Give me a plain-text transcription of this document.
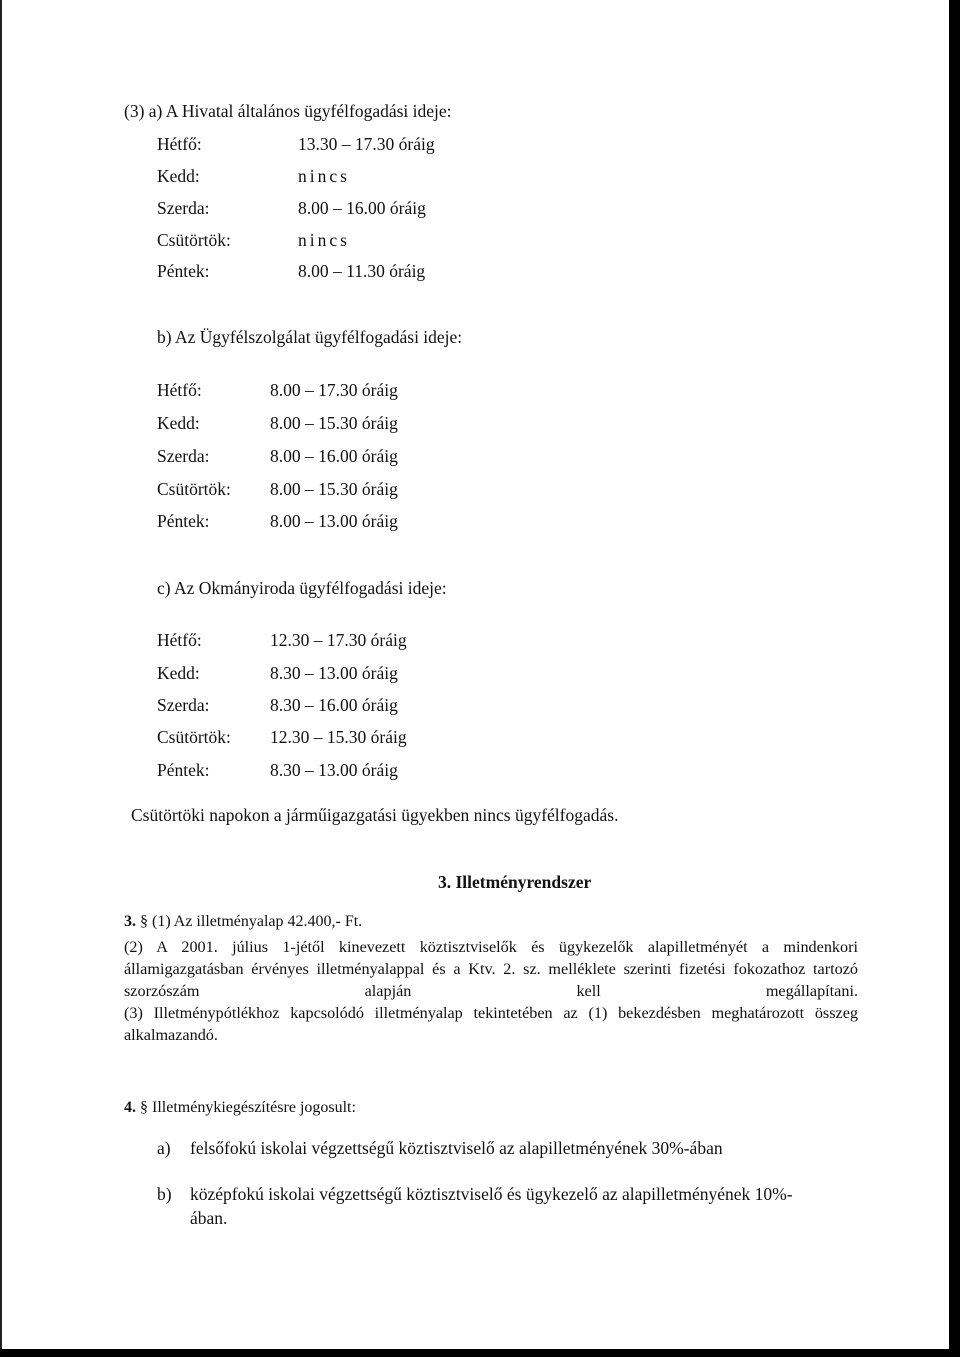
(3) a) A Hivatal általános ügyfélfogadási ideje:
Hétfő:	13.30 – 17.30 óráig
Kedd:	nincs
Szerda:	8.00 – 16.00 óráig
Csütörtök:	nincs
Péntek:	8.00 – 11.30 óráig
b) Az Ügyfélszolgálat ügyfélfogadási ideje:
Hétfő:	8.00 – 17.30 óráig
Kedd:	8.00 – 15.30 óráig
Szerda:	8.00 – 16.00 óráig
Csütörtök: 8.00 – 15.30 óráig
Péntek:	8.00 – 13.00 óráig
c) Az Okmányiroda ügyfélfogadási ideje:
Hétfő:	12.30 – 17.30 óráig
Kedd:	8.30 – 13.00 óráig
Szerda:	8.30 – 16.00 óráig
Csütörtök: 12.30 – 15.30 óráig
Péntek:	8.30 – 13.00 óráig
Csütörtöki napokon a járműigazgatási ügyekben nincs ügyfélfogadás.
3. Illetményrendszer
3. § (1) Az illetményalap 42.400,- Ft.

(2) A 2001. július 1-jétől kinevezett köztisztviselők és ügykezelők alapilletményét a mindenkori államigazgatásban érvényes illetményalappal és a Ktv. 2. sz. melléklete szerinti fizetési fokozathoz tartozó szorzószám alapján kell megállapítani.

(3) Illetménypótlékhoz kapcsolódó illetményalap tekintetében az (1) bekezdésben meghatározott összeg alkalmazandó.

4. § Illetménykiegészítésre jogosult:
a) felsőfokú iskolai végzettségű köztisztviselő az alapilletményének 30%-ában
b) középfokú iskolai végzettségű köztisztviselő és ügykezelő az alapilletményének 10%-
ában.
